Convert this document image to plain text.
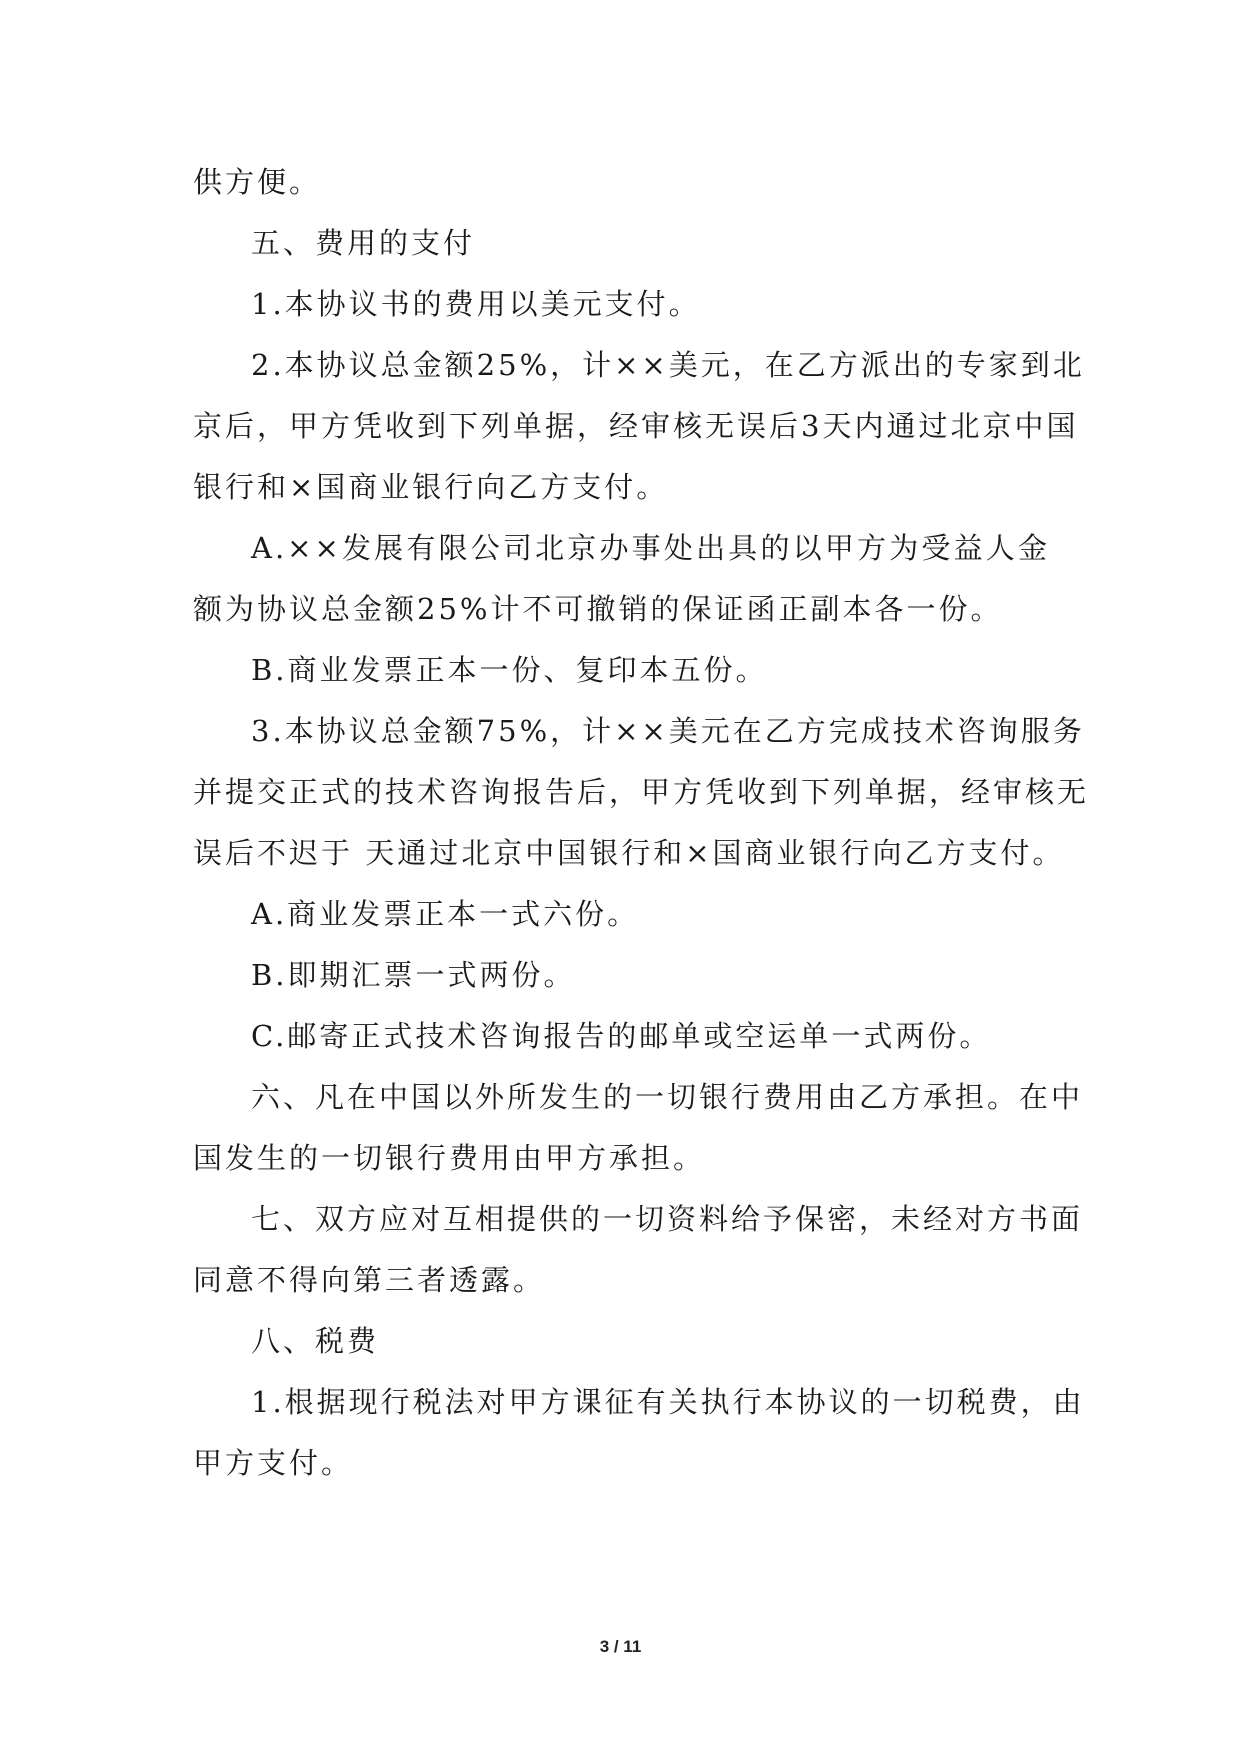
供方便。
五、费用的支付
1.本协议书的费用以美元支付。
2.本协议总金额25%，计××美元，在乙方派出的专家到北
京后，甲方凭收到下列单据，经审核无误后3天内通过北京中国
银行和×国商业银行向乙方支付。
A.××发展有限公司北京办事处出具的以甲方为受益人金
额为协议总金额25%计不可撤销的保证函正副本各一份。
B.商业发票正本一份、复印本五份。
3.本协议总金额75%，计××美元在乙方完成技术咨询服务
并提交正式的技术咨询报告后，甲方凭收到下列单据，经审核无
误后不迟于 天通过北京中国银行和×国商业银行向乙方支付。
A.商业发票正本一式六份。
B.即期汇票一式两份。
C.邮寄正式技术咨询报告的邮单或空运单一式两份。
六、凡在中国以外所发生的一切银行费用由乙方承担。在中
国发生的一切银行费用由甲方承担。
七、双方应对互相提供的一切资料给予保密，未经对方书面
同意不得向第三者透露。
八、税费
1.根据现行税法对甲方课征有关执行本协议的一切税费，由
甲方支付。
3 / 11
